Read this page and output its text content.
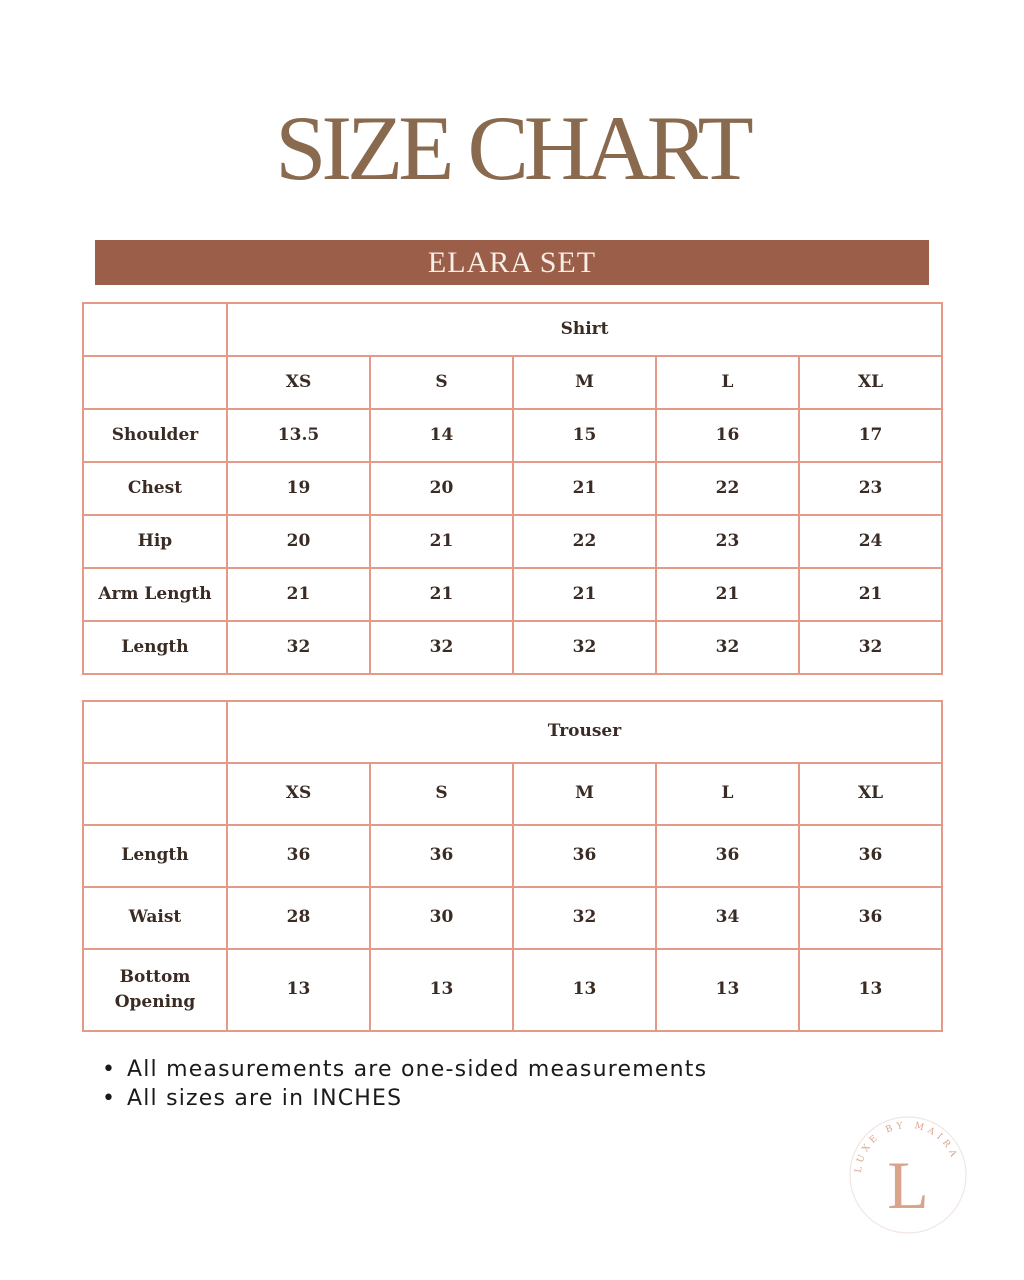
SIZE CHART
ELARA SET
	Shirt				
	XS	S	M	L	XL
Shoulder	13.5	14	15	16	17
Chest	19	20	21	22	23
Hip	20	21	22	23	24
Arm Length	21	21	21	21	21
Length	32	32	32	32	32
	Trouser				
	XS	S	M	L	XL
Length	36	36	36	36	36
Waist	28	30	32	34	36
Bottom Opening	13	13	13	13	13
• All measurements are one-sided measurements
• All sizes are in INCHES
LUXE BY MAIRA
L
